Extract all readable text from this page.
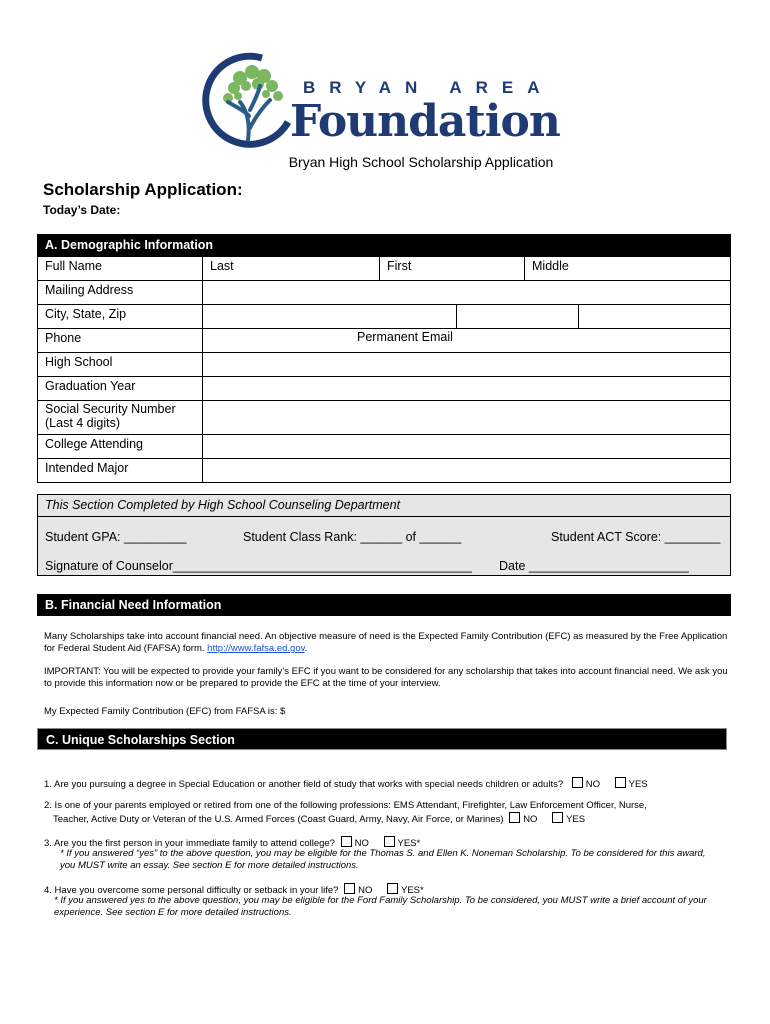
BRYAN AREA
Foundation
Bryan High School Scholarship Application
Scholarship Application:
Today’s Date:
A. Demographic Information
Full Name	Last	First	Middle
Mailing Address			
City, State, Zip			

Phone	Permanent Email		

High School			
Graduation Year			
Social Security Number
(Last 4 digits)			
College Attending			
Intended Major			
This Section Completed by High School Counseling Department
Student GPA: _________	Student Class Rank: ______ of ______	Student ACT Score: ________
Signature of Counselor___________________________________________ Date _______________________
B. Financial Need Information
Many Scholarships take into account financial need. An objective measure of need is the Expected Family Contribution (EFC) as measured by the Free Application for Federal Student Aid (FAFSA) form. http://www.fafsa.ed.gov.
IMPORTANT: You will be expected to provide your family’s EFC if you want to be considered for any scholarship that takes into account financial need. We ask you to provide this information now or be prepared to provide the EFC at the time of your interview.
My Expected Family Contribution (EFC) from FAFSA is: $
C. Unique Scholarships Section
1. Are you pursuing a degree in Special Education or another field of study that works with special needs children or adults? NO	YES
2. Is one of your parents employed or retired from one of the following professions: EMS Attendant, Firefighter, Law Enforcement Officer, Nurse,
Teacher, Active Duty or Veteran of the U.S. Armed Forces (Coast Guard, Army, Navy, Air Force, or Marines) NO	YES
3. Are you the first person in your immediate family to attend college? NO	YES*
* If you answered “yes” to the above question, you may be eligible for the Thomas S. and Ellen K. Noneman Scholarship. To be considered for this award, you MUST write an essay. See section E for more detailed instructions.
4. Have you overcome some personal difficulty or setback in your life? NO	YES*
* If you answered yes to the above question, you may be eligible for the Ford Family Scholarship. To be considered, you MUST write a brief account of your experience. See section E for more detailed instructions.
